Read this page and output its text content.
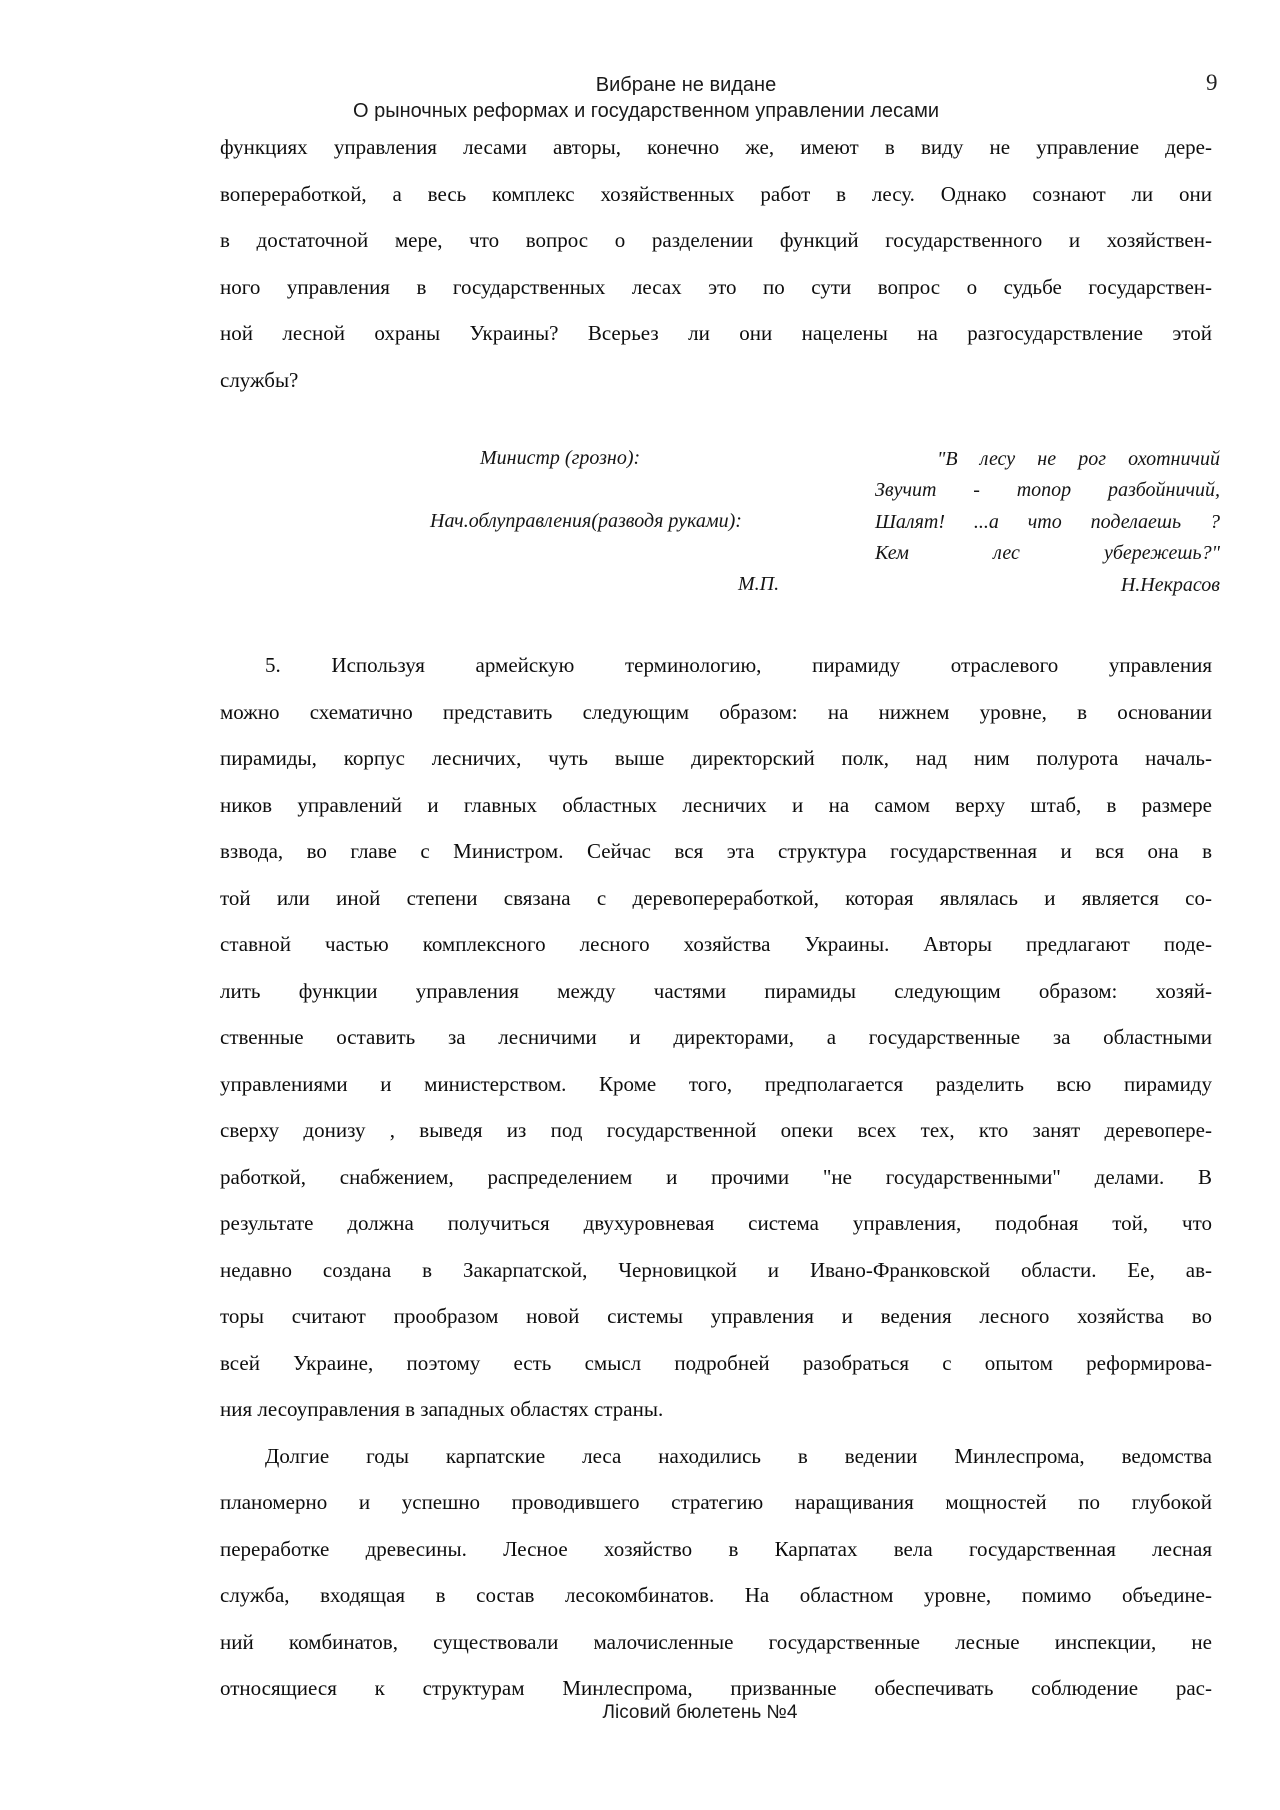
9
Вибране не видане
О рыночных реформах и государственном управлении лесами
функциях управления лесами авторы, конечно же, имеют в виду не управление дере-
вопереработкой, а весь комплекс хозяйственных работ в лесу. Однако сознают ли они
в достаточной мере, что вопрос о разделении функций государственного и хозяйствен-
ного управления в государственных лесах это по сути вопрос о судьбе государствен-
ной лесной охраны Украины? Всерьез ли они нацелены на разгосударствление этой
службы?
Министр (грозно):
Нач.облуправления(разводя руками):
М.П.
"В лесу не рог охотничий
Звучит - топор разбойничий,
Шалят! ...а что поделаешь ?
Кем лес убережешь?"
Н.Некрасов
5. Используя армейскую терминологию, пирамиду отраслевого управления
можно схематично представить следующим образом: на нижнем уровне, в основании
пирамиды, корпус лесничих, чуть выше директорский полк, над ним полурота началь-
ников управлений и главных областных лесничих и на самом верху штаб, в размере
взвода, во главе с Министром. Сейчас вся эта структура государственная и вся она в
той или иной степени связана с деревопереработкой, которая являлась и является со-
ставной частью комплексного лесного хозяйства Украины. Авторы предлагают поде-
лить функции управления между частями пирамиды следующим образом: хозяй-
ственные оставить за лесничими и директорами, а государственные за областными
управлениями и министерством. Кроме того, предполагается разделить всю пирамиду
сверху донизу , выведя из под государственной опеки всех тех, кто занят деревопере-
работкой, снабжением, распределением и прочими "не государственными" делами. В
результате должна получиться двухуровневая система управления, подобная той, что
недавно создана в Закарпатской, Черновицкой и Ивано-Франковской области. Ее, ав-
торы считают прообразом новой системы управления и ведения лесного хозяйства во
всей Украине, поэтому есть смысл подробней разобраться с опытом реформирова-
ния лесоуправления в западных областях страны.
Долгие годы карпатские леса находились в ведении Минлеспрома, ведомства
планомерно и успешно проводившего стратегию наращивания мощностей по глубокой
переработке древесины. Лесное хозяйство в Карпатах вела государственная лесная
служба, входящая в состав лесокомбинатов. На областном уровне, помимо объедине-
ний комбинатов, существовали малочисленные государственные лесные инспекции, не
относящиеся к структурам Минлеспрома, призванные обеспечивать соблюдение рас-
Лісовий бюлетень №4
